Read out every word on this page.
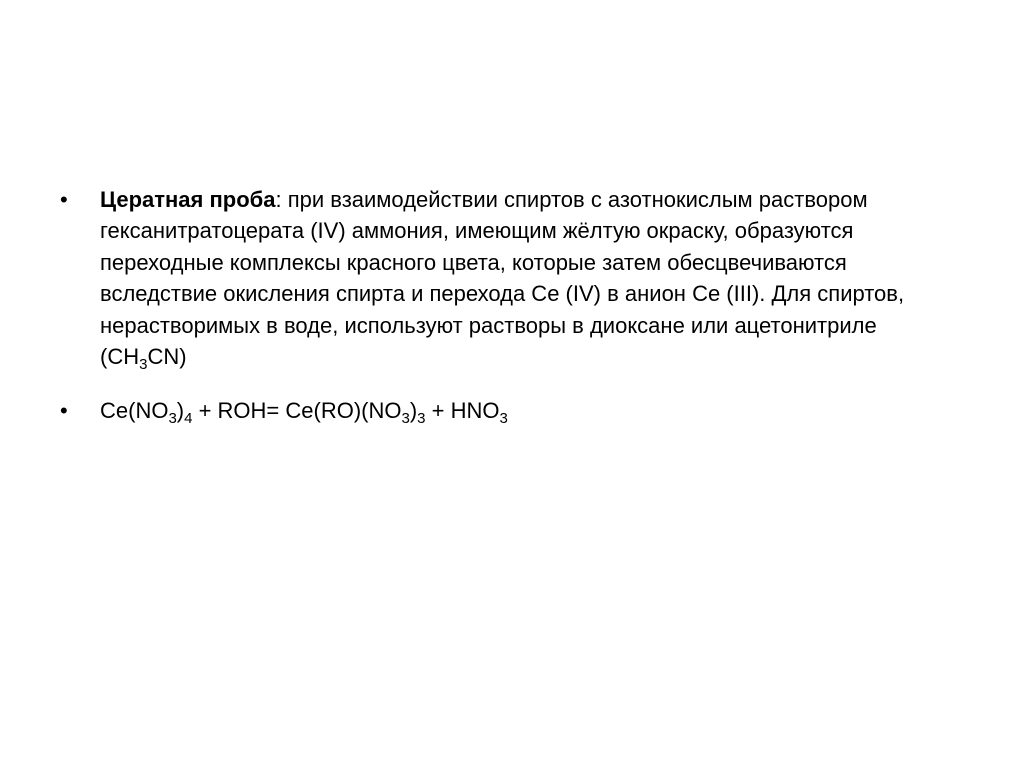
• Цератная проба: при взаимодействии спиртов с азотнокислым раствором гексанитратоцерата (IV) аммония, имеющим жёлтую окраску, образуются переходные комплексы красного цвета, которые затем обесцвечиваются вследствие окисления спирта и перехода Ce (IV) в анион Ce (III). Для спиртов, нерастворимых в воде, используют растворы в диоксане или ацетонитриле $(CH_3CN)$
• $Ce(NO_3)_4 + ROH= Ce(RO)(NO_3)_3 + HNO_3$
